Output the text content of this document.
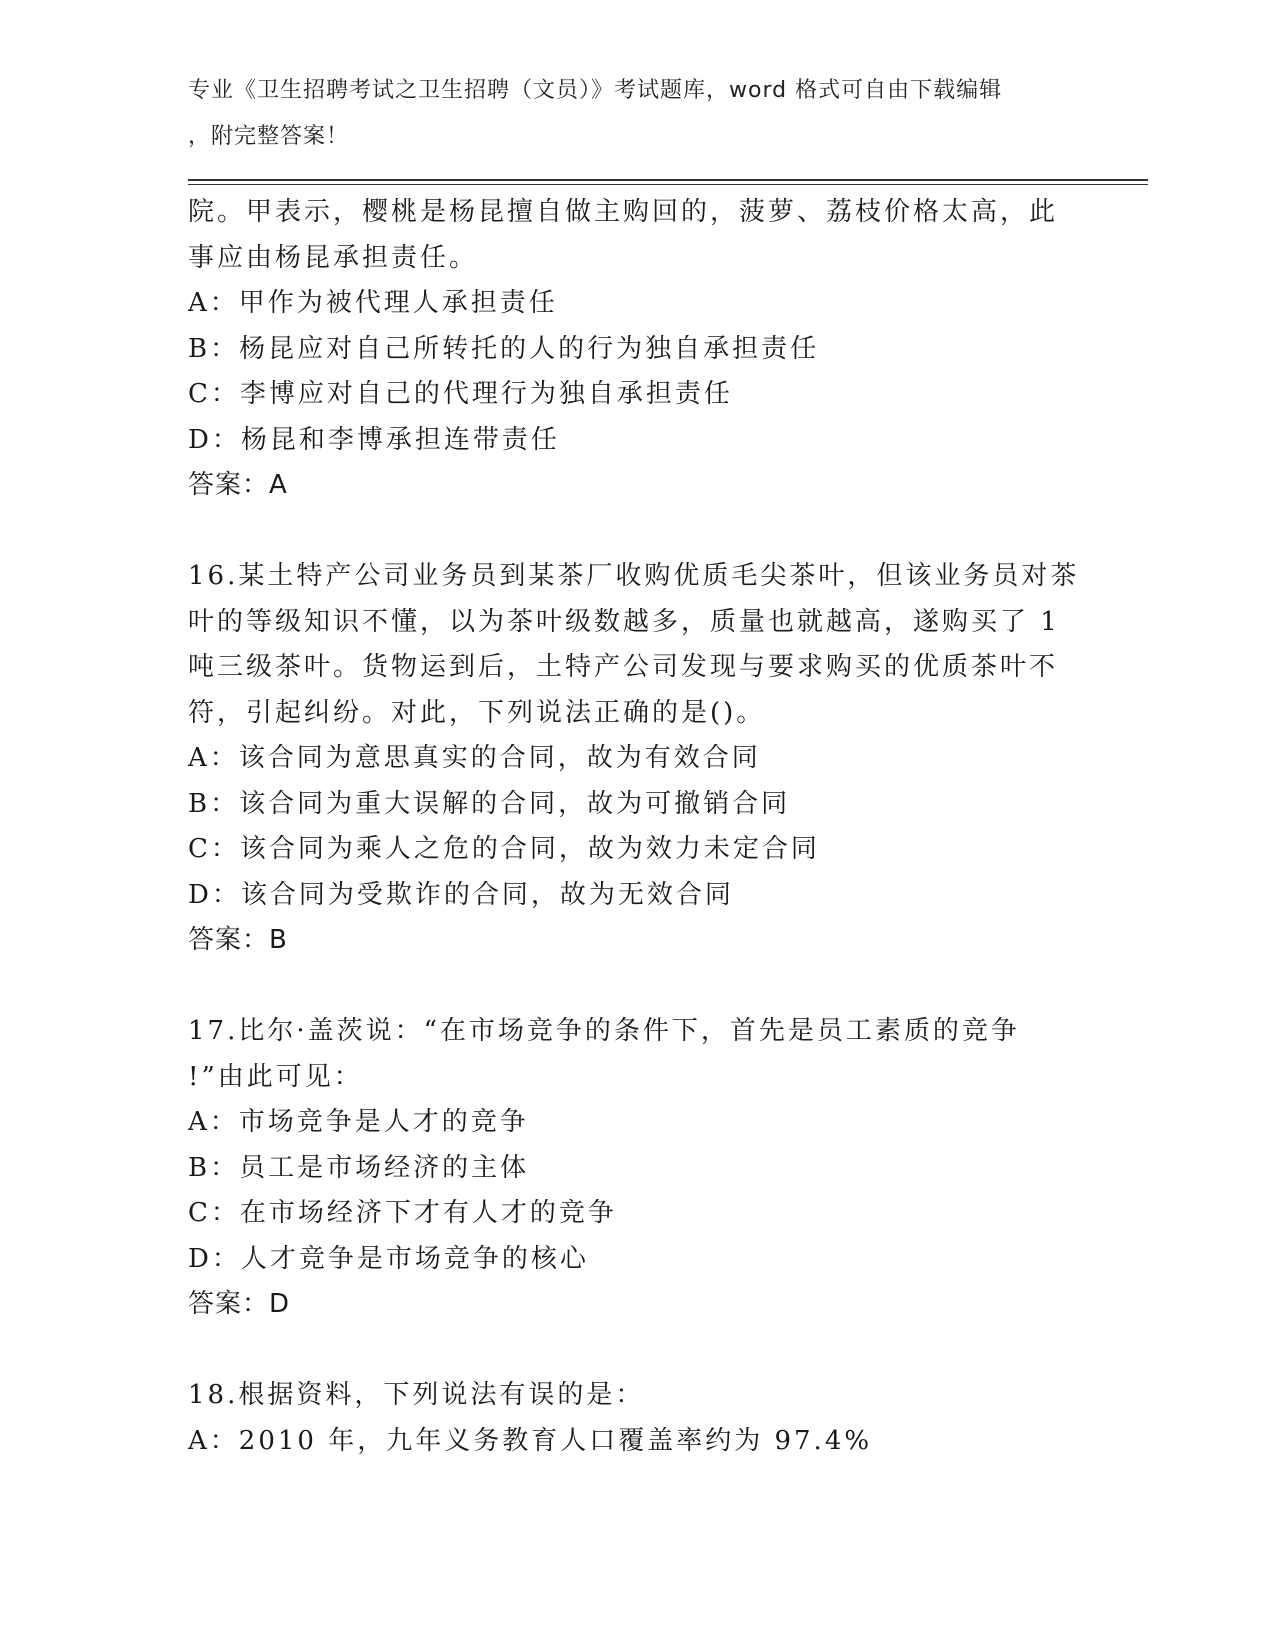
专业《卫生招聘考试之卫生招聘（文员）》考试题库，word 格式可自由下载编辑
，附完整答案！
院。甲表示，樱桃是杨昆擅自做主购回的，菠萝、荔枝价格太高，此
事应由杨昆承担责任。
A：甲作为被代理人承担责任
B：杨昆应对自己所转托的人的行为独自承担责任
C：李博应对自己的代理行为独自承担责任
D：杨昆和李博承担连带责任
答案：A
16.某土特产公司业务员到某茶厂收购优质毛尖茶叶，但该业务员对茶
叶的等级知识不懂，以为茶叶级数越多，质量也就越高，遂购买了 1
吨三级茶叶。货物运到后，土特产公司发现与要求购买的优质茶叶不
符，引起纠纷。对此，下列说法正确的是()。
A：该合同为意思真实的合同，故为有效合同
B：该合同为重大误解的合同，故为可撤销合同
C：该合同为乘人之危的合同，故为效力未定合同
D：该合同为受欺诈的合同，故为无效合同
答案：B
17.比尔·盖茨说：“在市场竞争的条件下，首先是员工素质的竞争
!”由此可见：
A：市场竞争是人才的竞争
B：员工是市场经济的主体
C：在市场经济下才有人才的竞争
D：人才竞争是市场竞争的核心
答案：D
18.根据资料，下列说法有误的是：
A：2010 年，九年义务教育人口覆盖率约为 97.4%
